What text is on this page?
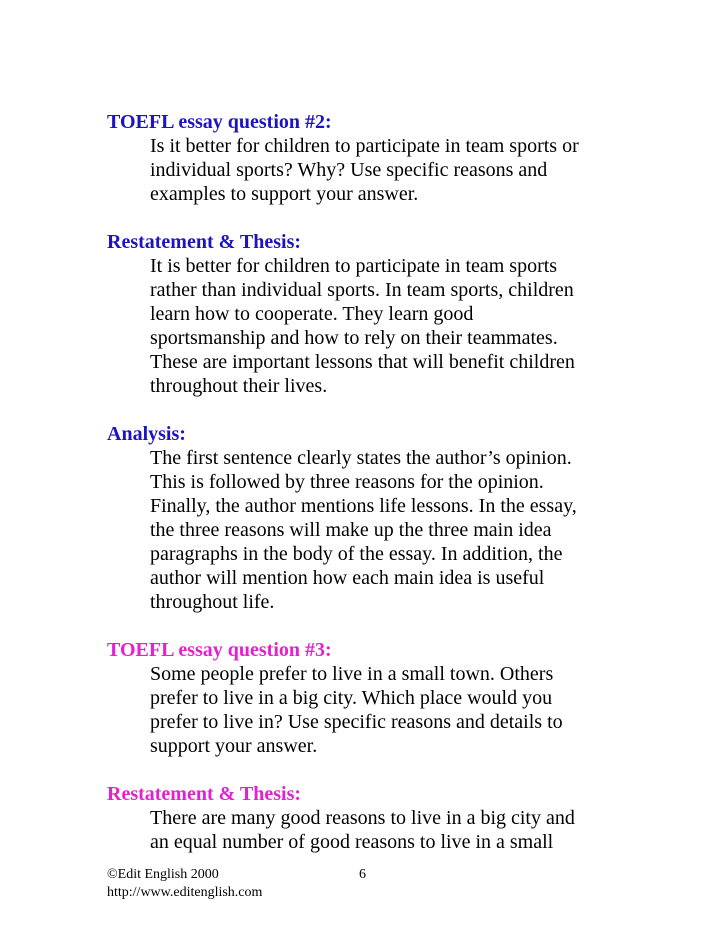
TOEFL essay question #2:

Is it better for children to participate in team sports or
individual sports? Why? Use specific reasons and
examples to support your answer.

Restatement & Thesis:

It is better for children to participate in team sports
rather than individual sports. In team sports, children
learn how to cooperate. They learn good
sportsmanship and how to rely on their teammates.
These are important lessons that will benefit children
throughout their lives.

Analysis:

The first sentence clearly states the author’s opinion.
This is followed by three reasons for the opinion.
Finally, the author mentions life lessons. In the essay,
the three reasons will make up the three main idea
paragraphs in the body of the essay. In addition, the
author will mention how each main idea is useful
throughout life.

TOEFL essay question #3:

Some people prefer to live in a small town. Others
prefer to live in a big city. Which place would you
prefer to live in? Use specific reasons and details to
support your answer.

Restatement & Thesis:

There are many good reasons to live in a big city and
an equal number of good reasons to live in a small

©Edit English 2000
http://www.editenglish.com
6
